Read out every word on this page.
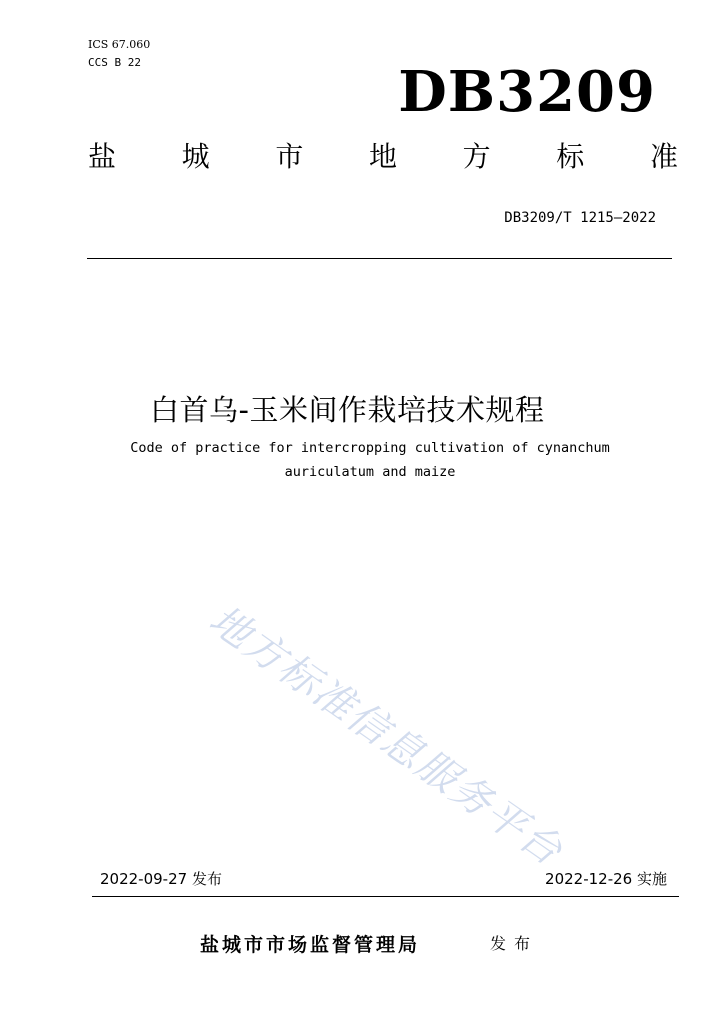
ICS 67.060
CCS B 22	DB3209
盐 城 市 地 方 标 准
DB3209/T 1215—2022
白首乌-玉米间作栽培技术规程
Code of practice for intercropping cultivation of cynanchum
auriculatum and maize
地方标准信息服务平台
2022-09-27 发布	2022-12-26 实施
盐城市市场监督管理局	发布
